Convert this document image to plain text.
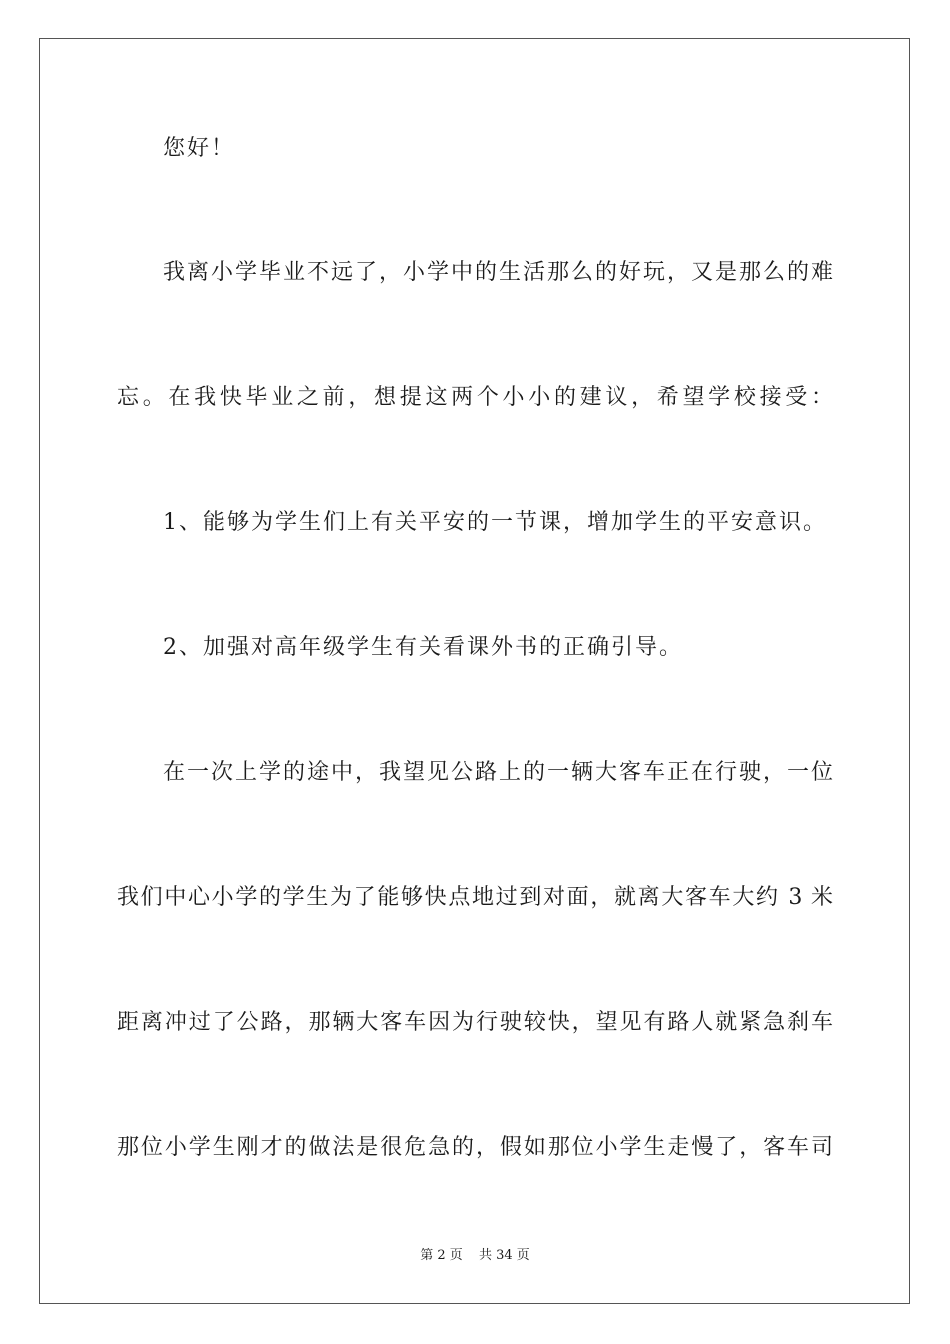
您好！
我离小学毕业不远了，小学中的生活那么的好玩，又是那么的难
忘。在我快毕业之前，想提这两个小小的建议，希望学校接受：
1、能够为学生们上有关平安的一节课，增加学生的平安意识。
2、加强对高年级学生有关看课外书的正确引导。
在一次上学的途中，我望见公路上的一辆大客车正在行驶，一位
我们中心小学的学生为了能够快点地过到对面，就离大客车大约 3 米
距离冲过了公路，那辆大客车因为行驶较快，望见有路人就紧急刹车
那位小学生刚才的做法是很危急的，假如那位小学生走慢了，客车司
第 2 页 共 34 页
